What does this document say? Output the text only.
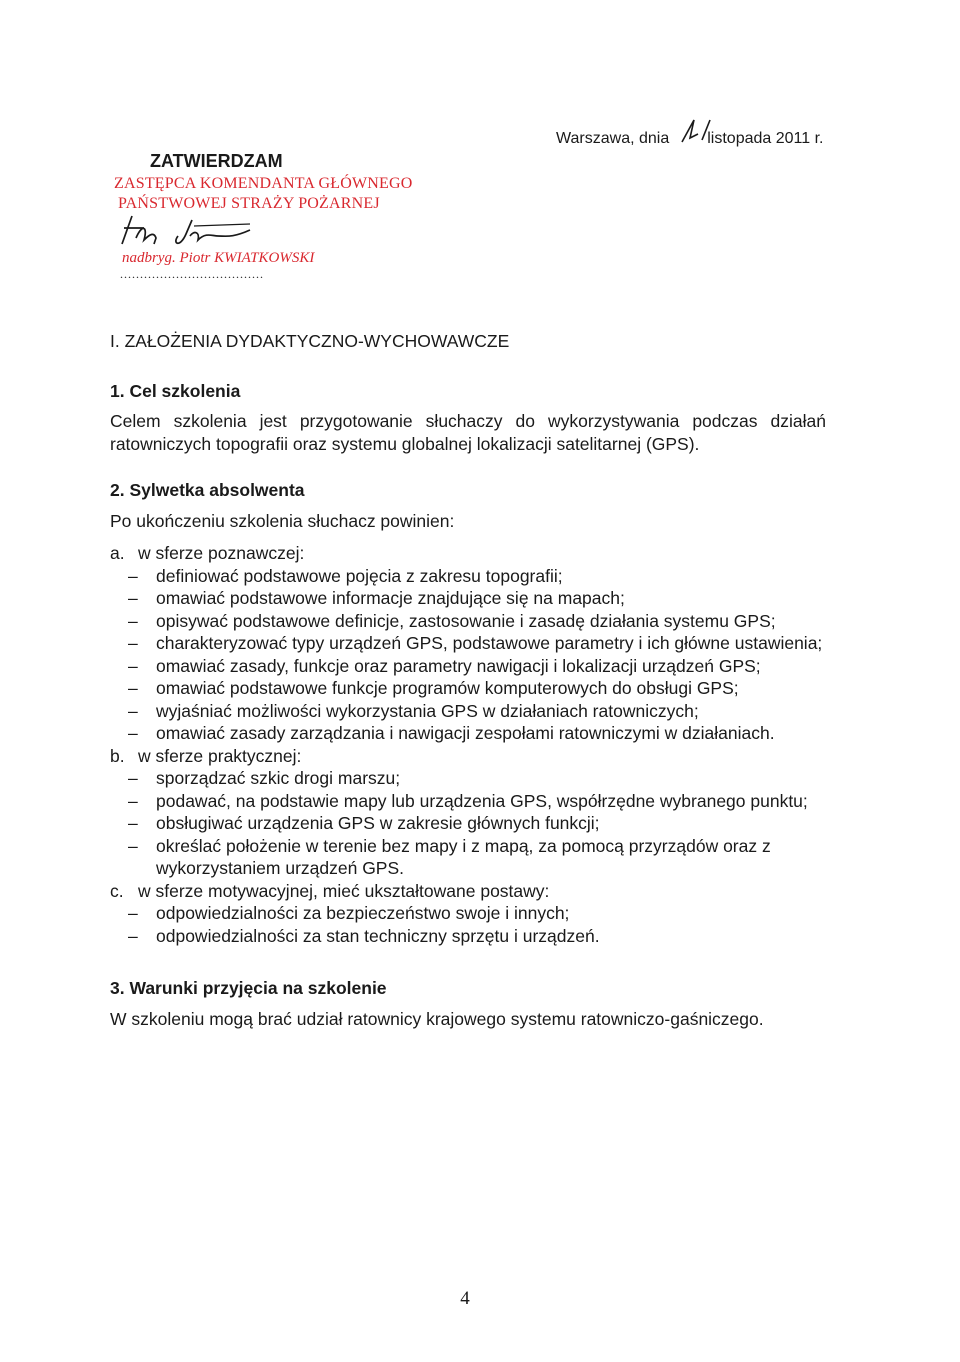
Warszawa, dnia listopada 2011 r.
ZATWIERDZAM
ZASTĘPCA KOMENDANTA GŁÓWNEGO
PAŃSTWOWEJ STRAŻY POŻARNEJ
nadbryg. Piotr KWIATKOWSKI
....................................
I. ZAŁOŻENIA DYDAKTYCZNO-WYCHOWAWCZE
1. Cel szkolenia

Celem szkolenia jest przygotowanie słuchaczy do wykorzystywania podczas działań ratowniczych topografii oraz systemu globalnej lokalizacji satelitarnej (GPS).

2. Sylwetka absolwenta

Po ukończeniu szkolenia słuchacz powinien:

a. w sferze poznawczej:
– definiować podstawowe pojęcia z zakresu topografii;
– omawiać podstawowe informacje znajdujące się na mapach;
– opisywać podstawowe definicje, zastosowanie i zasadę działania systemu GPS;
– charakteryzować typy urządzeń GPS, podstawowe parametry i ich główne ustawienia;
– omawiać zasady, funkcje oraz parametry nawigacji i lokalizacji urządzeń GPS;
– omawiać podstawowe funkcje programów komputerowych do obsługi GPS;
– wyjaśniać możliwości wykorzystania GPS w działaniach ratowniczych;
– omawiać zasady zarządzania i nawigacji zespołami ratowniczymi w działaniach.
b. w sferze praktycznej:
– sporządzać szkic drogi marszu;
– podawać, na podstawie mapy lub urządzenia GPS, współrzędne wybranego punktu;
– obsługiwać urządzenia GPS w zakresie głównych funkcji;
– określać położenie w terenie bez mapy i z mapą, za pomocą przyrządów oraz z wykorzystaniem urządzeń GPS.
c. w sferze motywacyjnej, mieć ukształtowane postawy:
– odpowiedzialności za bezpieczeństwo swoje i innych;
– odpowiedzialności za stan techniczny sprzętu i urządzeń.
3. Warunki przyjęcia na szkolenie

W szkoleniu mogą brać udział ratownicy krajowego systemu ratowniczo-gaśniczego.

4
